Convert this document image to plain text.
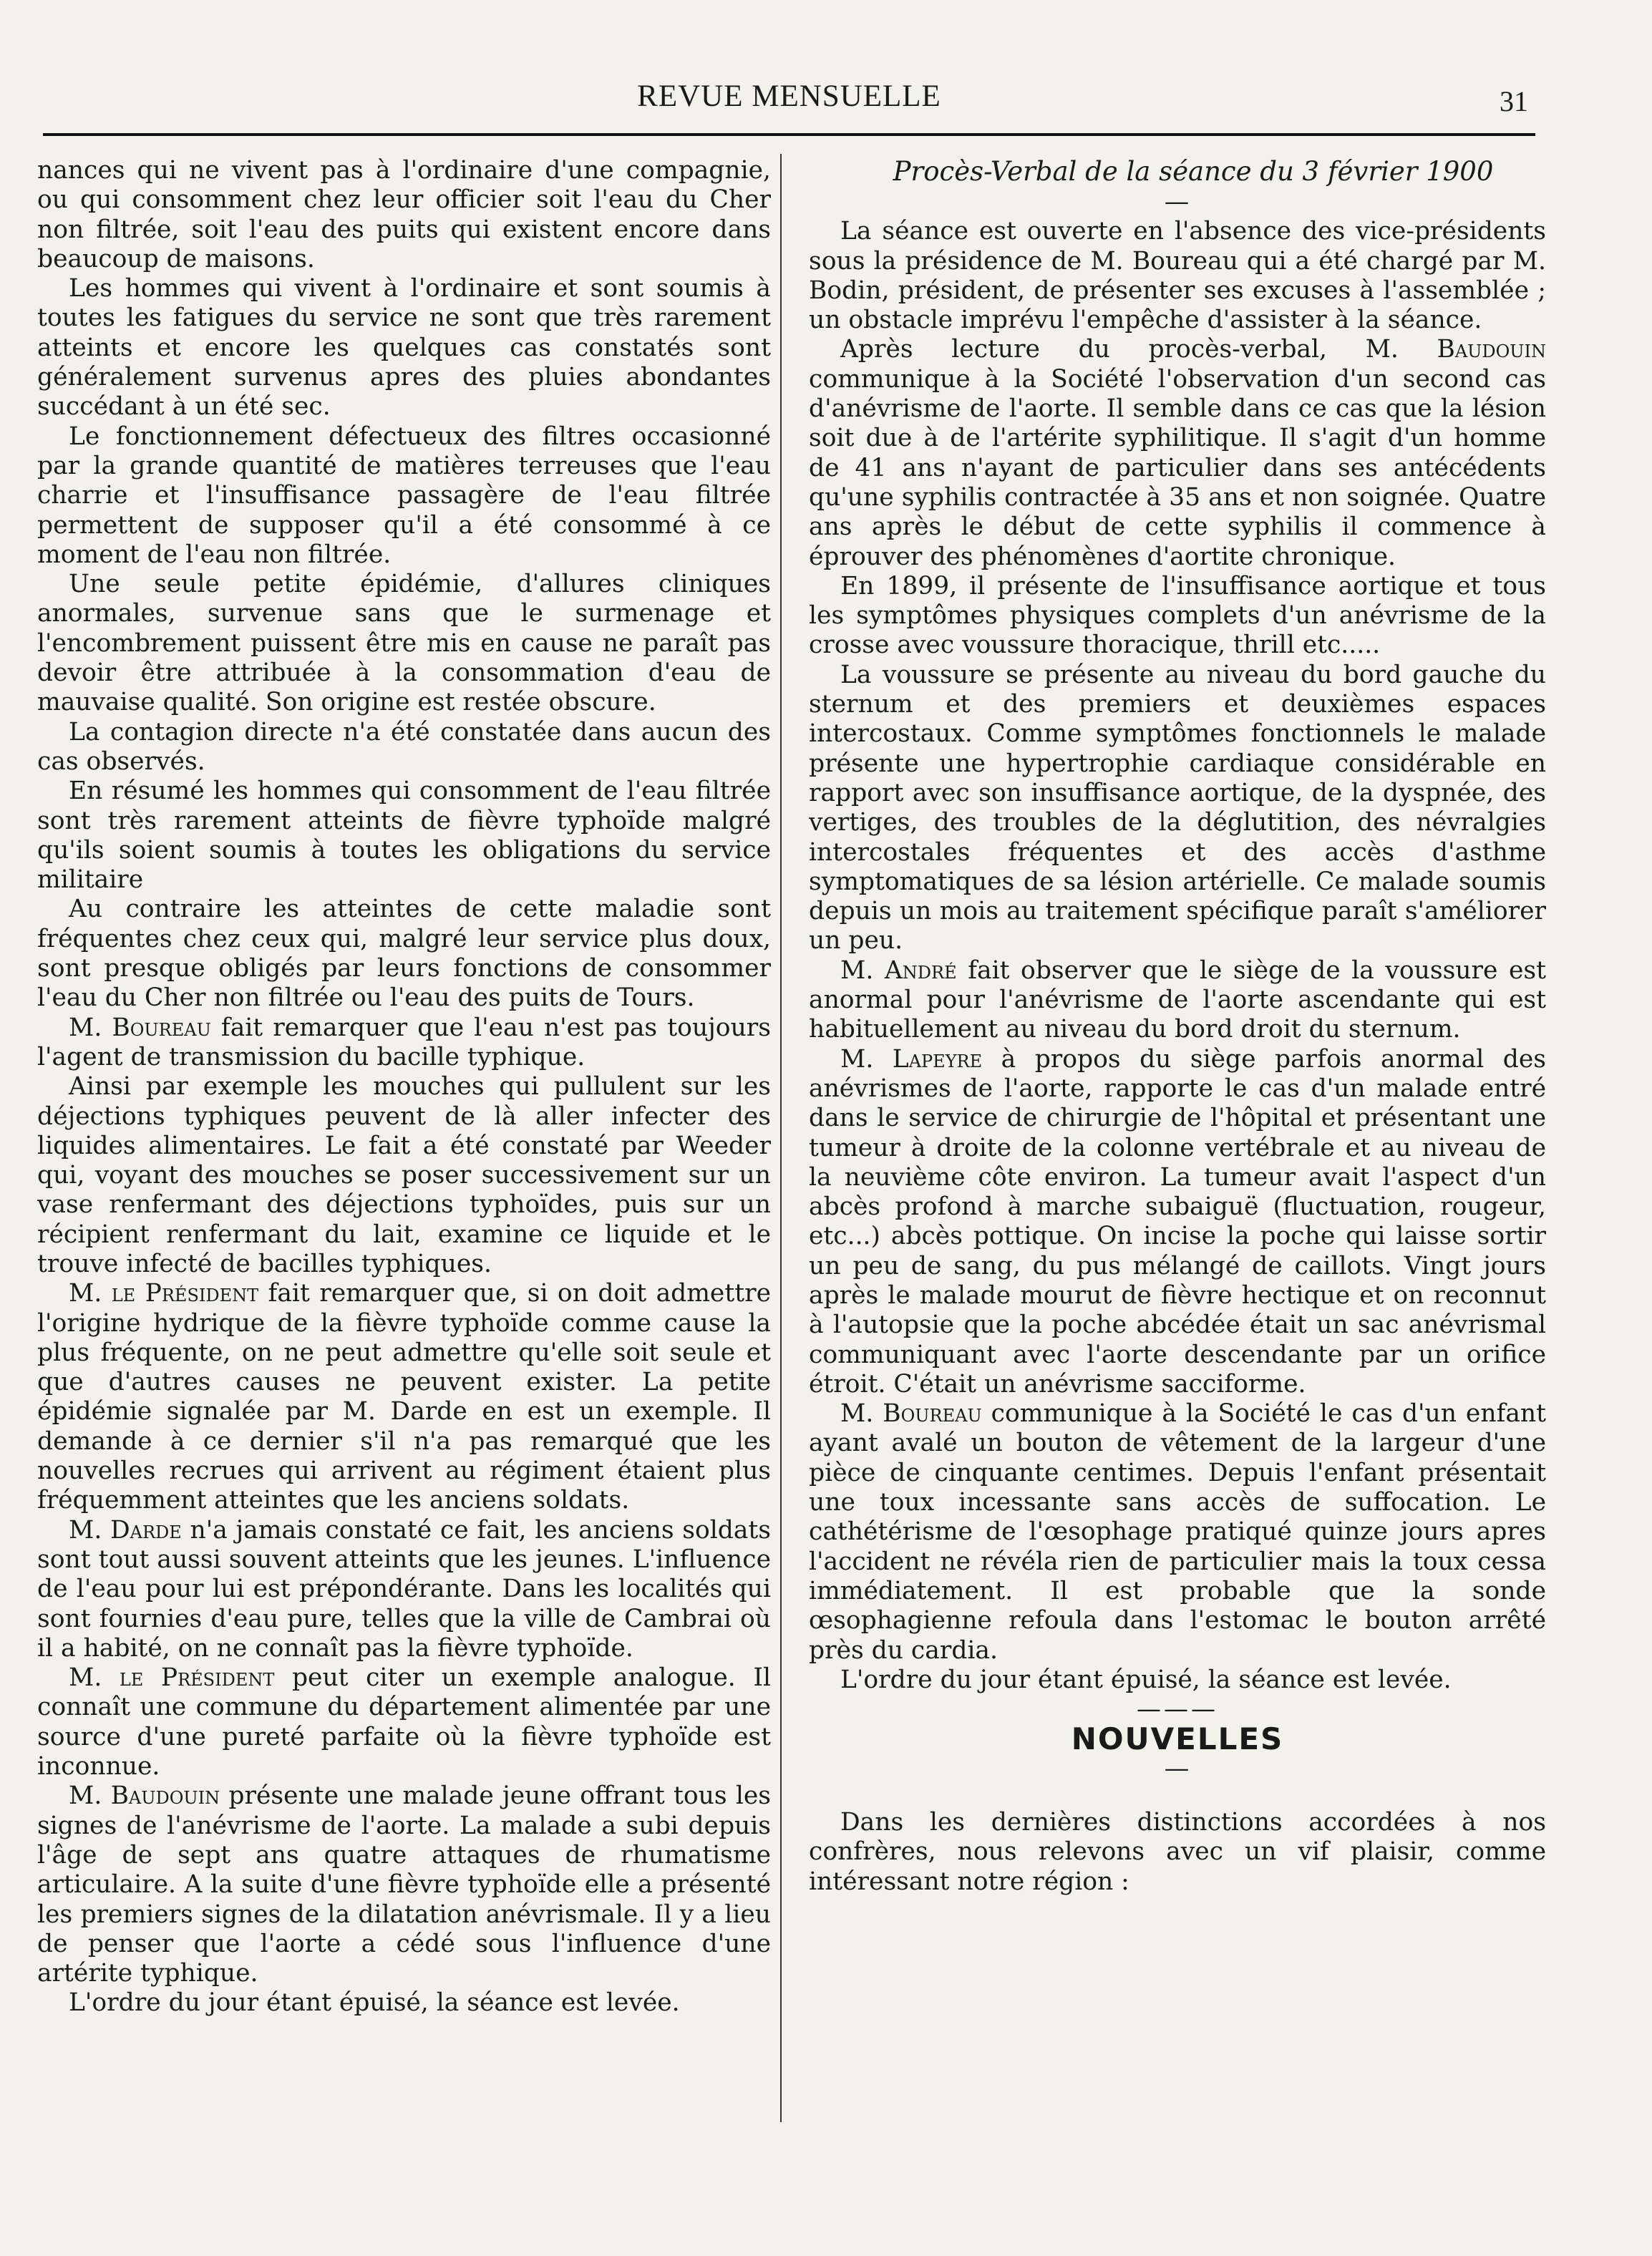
REVUE MENSUELLE	31

nances qui ne vivent pas à l'ordinaire d'une compagnie, ou qui consomment chez leur officier soit l'eau du Cher non filtrée, soit l'eau des puits qui existent encore dans beaucoup de maisons.

Les hommes qui vivent à l'ordinaire et sont soumis à toutes les fatigues du service ne sont que très rarement atteints et encore les quelques cas constatés sont généralement survenus apres des pluies abondantes succédant à un été sec.

Le fonctionnement défectueux des filtres occasionné par la grande quantité de matières terreuses que l'eau charrie et l'insuffisance passagère de l'eau filtrée permettent de supposer qu'il a été consommé à ce moment de l'eau non filtrée.

Une seule petite épidémie, d'allures cliniques anormales, survenue sans que le surmenage et l'encombrement puissent être mis en cause ne paraît pas devoir être attribuée à la consommation d'eau de mauvaise qualité. Son origine est restée obscure.

La contagion directe n'a été constatée dans aucun des cas observés.

En résumé les hommes qui consomment de l'eau filtrée sont très rarement atteints de fièvre typhoïde malgré qu'ils soient soumis à toutes les obligations du service militaire

Au contraire les atteintes de cette maladie sont fréquentes chez ceux qui, malgré leur service plus doux, sont presque obligés par leurs fonctions de consommer l'eau du Cher non filtrée ou l'eau des puits de Tours.

M. Boureau fait remarquer que l'eau n'est pas toujours l'agent de transmission du bacille typhique.

Ainsi par exemple les mouches qui pullulent sur les déjections typhiques peuvent de là aller infecter des liquides alimentaires. Le fait a été constaté par Weeder qui, voyant des mouches se poser successivement sur un vase renfermant des déjections typhoïdes, puis sur un récipient renfermant du lait, examine ce liquide et le trouve infecté de bacilles typhiques.

M. le Président fait remarquer que, si on doit admettre l'origine hydrique de la fièvre typhoïde comme cause la plus fréquente, on ne peut admettre qu'elle soit seule et que d'autres causes ne peuvent exister. La petite épidémie signalée par M. Darde en est un exemple. Il demande à ce dernier s'il n'a pas remarqué que les nouvelles recrues qui arrivent au régiment étaient plus fréquemment atteintes que les anciens soldats.

M. Darde n'a jamais constaté ce fait, les anciens soldats sont tout aussi souvent atteints que les jeunes. L'influence de l'eau pour lui est prépondérante. Dans les localités qui sont fournies d'eau pure, telles que la ville de Cambrai où il a habité, on ne connaît pas la fièvre typhoïde.

M. le Président peut citer un exemple analogue. Il connaît une commune du département alimentée par une source d'une pureté parfaite où la fièvre typhoïde est inconnue.

M. Baudouin présente une malade jeune offrant tous les signes de l'anévrisme de l'aorte. La malade a subi depuis l'âge de sept ans quatre attaques de rhumatisme articulaire. A la suite d'une fièvre typhoïde elle a présenté les premiers signes de la dilatation anévrismale. Il y a lieu de penser que l'aorte a cédé sous l'influence d'une artérite typhique.

L'ordre du jour étant épuisé, la séance est levée.

Procès-Verbal de la séance du 3 février 1900

—

La séance est ouverte en l'absence des vice-présidents sous la présidence de M. Boureau qui a été chargé par M. Bodin, président, de présenter ses excuses à l'assemblée ; un obstacle imprévu l'empêche d'assister à la séance.

Après lecture du procès-verbal, M. Baudouin communique à la Société l'observation d'un second cas d'anévrisme de l'aorte. Il semble dans ce cas que la lésion soit due à de l'artérite syphilitique. Il s'agit d'un homme de 41 ans n'ayant de particulier dans ses antécédents qu'une syphilis contractée à 35 ans et non soignée. Quatre ans après le début de cette syphilis il commence à éprouver des phénomènes d'aortite chronique.

En 1899, il présente de l'insuffisance aortique et tous les symptômes physiques complets d'un anévrisme de la crosse avec voussure thoracique, thrill etc.....

La voussure se présente au niveau du bord gauche du sternum et des premiers et deuxièmes espaces intercostaux. Comme symptômes fonctionnels le malade présente une hypertrophie cardiaque considérable en rapport avec son insuffisance aortique, de la dyspnée, des vertiges, des troubles de la déglutition, des névralgies intercostales fréquentes et des accès d'asthme symptomatiques de sa lésion artérielle. Ce malade soumis depuis un mois au traitement spécifique paraît s'améliorer un peu.

M. André fait observer que le siège de la voussure est anormal pour l'anévrisme de l'aorte ascendante qui est habituellement au niveau du bord droit du sternum.

M. Lapeyre à propos du siège parfois anormal des anévrismes de l'aorte, rapporte le cas d'un malade entré dans le service de chirurgie de l'hôpital et présentant une tumeur à droite de la colonne vertébrale et au niveau de la neuvième côte environ. La tumeur avait l'aspect d'un abcès profond à marche subaiguë (fluctuation, rougeur, etc...) abcès pottique. On incise la poche qui laisse sortir un peu de sang, du pus mélangé de caillots. Vingt jours après le malade mourut de fièvre hectique et on reconnut à l'autopsie que la poche abcédée était un sac anévrismal communiquant avec l'aorte descendante par un orifice étroit. C'était un anévrisme sacciforme.

M. Boureau communique à la Société le cas d'un enfant ayant avalé un bouton de vêtement de la largeur d'une pièce de cinquante centimes. Depuis l'enfant présentait une toux incessante sans accès de suffocation. Le cathétérisme de l'œsophage pratiqué quinze jours apres l'accident ne révéla rien de particulier mais la toux cessa immédiatement. Il est probable que la sonde œsophagienne refoula dans l'estomac le bouton arrêté près du cardia.

L'ordre du jour étant épuisé, la séance est levée.

———

NOUVELLES

—

Dans les dernières distinctions accordées à nos confrères, nous relevons avec un vif plaisir, comme intéressant notre région :
